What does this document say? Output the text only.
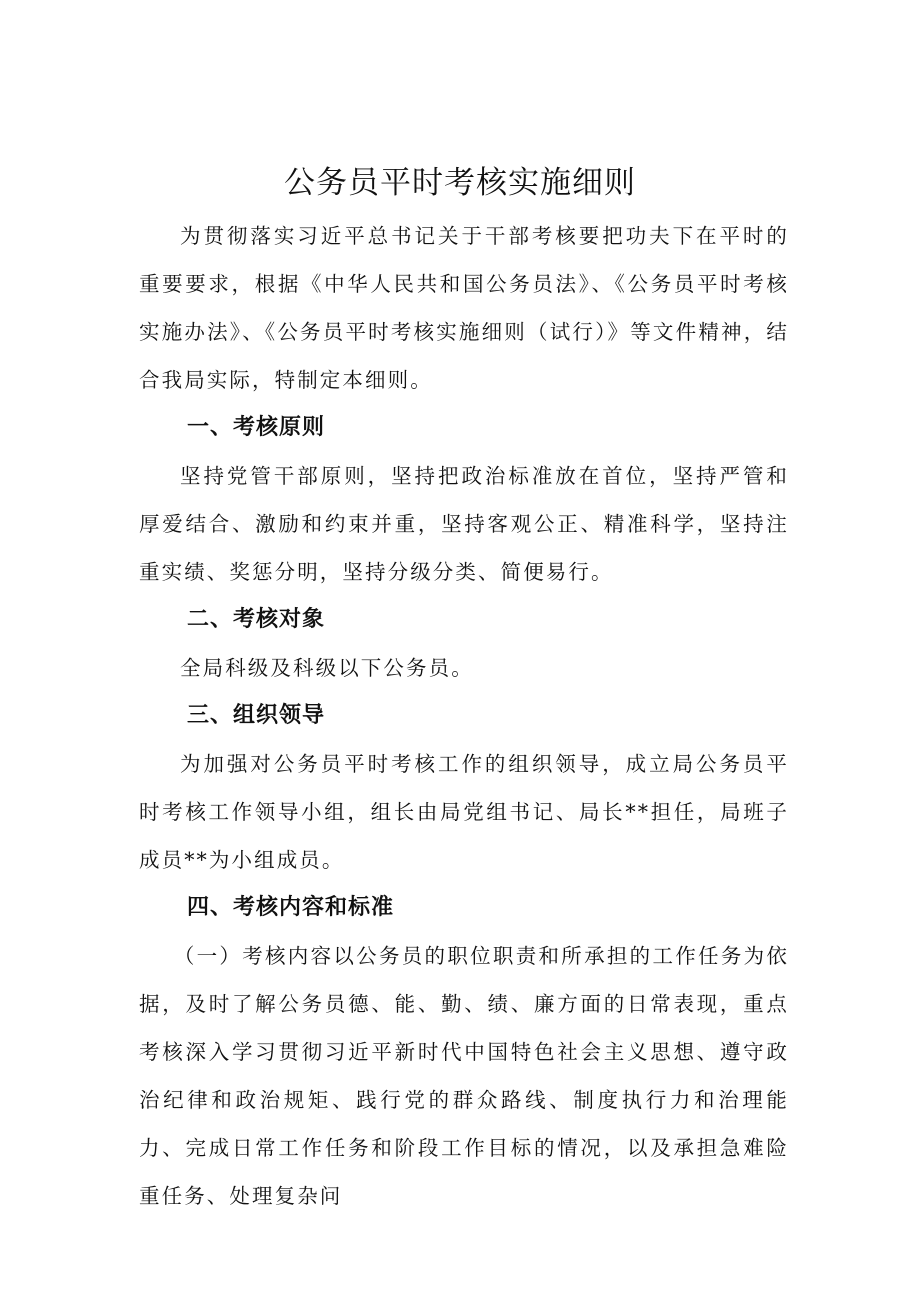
公务员平时考核实施细则

为贯彻落实习近平总书记关于干部考核要把功夫下在平时的重要要求，根据《中华人民共和国公务员法》、《公务员平时考核实施办法》、《公务员平时考核实施细则（试行）》等文件精神，结合我局实际，特制定本细则。

一、考核原则

坚持党管干部原则，坚持把政治标准放在首位，坚持严管和厚爱结合、激励和约束并重，坚持客观公正、精准科学，坚持注重实绩、奖惩分明，坚持分级分类、简便易行。

二、考核对象

全局科级及科级以下公务员。

三、组织领导

为加强对公务员平时考核工作的组织领导，成立局公务员平时考核工作领导小组，组长由局党组书记、局长**担任，局班子成员**为小组成员。

四、考核内容和标准

（一）考核内容以公务员的职位职责和所承担的工作任务为依据，及时了解公务员德、能、勤、绩、廉方面的日常表现，重点考核深入学习贯彻习近平新时代中国特色社会主义思想、遵守政治纪律和政治规矩、践行党的群众路线、制度执行力和治理能力、完成日常工作任务和阶段工作目标的情况，以及承担急难险重任务、处理复杂问
